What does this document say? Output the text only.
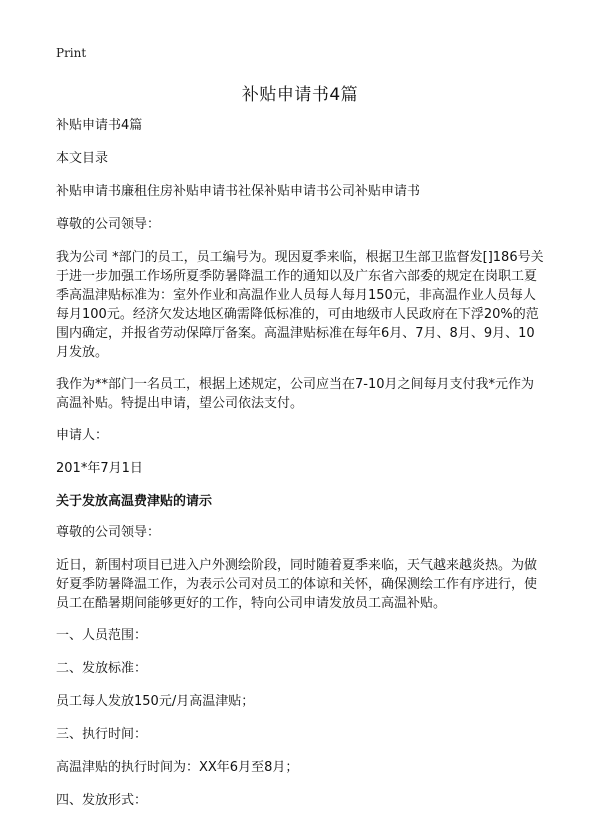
Print
补贴申请书4篇

补贴申请书4篇

本文目录

补贴申请书廉租住房补贴申请书社保补贴申请书公司补贴申请书

尊敬的公司领导：

我为公司 *部门的员工，员工编号为。现因夏季来临，根据卫生部卫监督发[]186号关于进一步加强工作场所夏季防暑降温工作的通知以及广东省六部委的规定在岗职工夏季高温津贴标准为：室外作业和高温作业人员每人每月150元，非高温作业人员每人每月100元。经济欠发达地区确需降低标准的，可由地级市人民政府在下浮20%的范围内确定，并报省劳动保障厅备案。高温津贴标准在每年6月、7月、8月、9月、10月发放。

我作为**部门一名员工，根据上述规定，公司应当在7-10月之间每月支付我*元作为高温补贴。特提出申请，望公司依法支付。

申请人：

201*年7月1日

关于发放高温费津贴的请示

尊敬的公司领导：

近日，新围村项目已进入户外测绘阶段，同时随着夏季来临，天气越来越炎热。为做好夏季防暑降温工作，为表示公司对员工的体谅和关怀，确保测绘工作有序进行，使员工在酷暑期间能够更好的工作，特向公司申请发放员工高温补贴。

一、人员范围：

二、发放标准：

员工每人发放150元/月高温津贴；

三、执行时间：

高温津贴的执行时间为：XX年6月至8月；

四、发放形式：
